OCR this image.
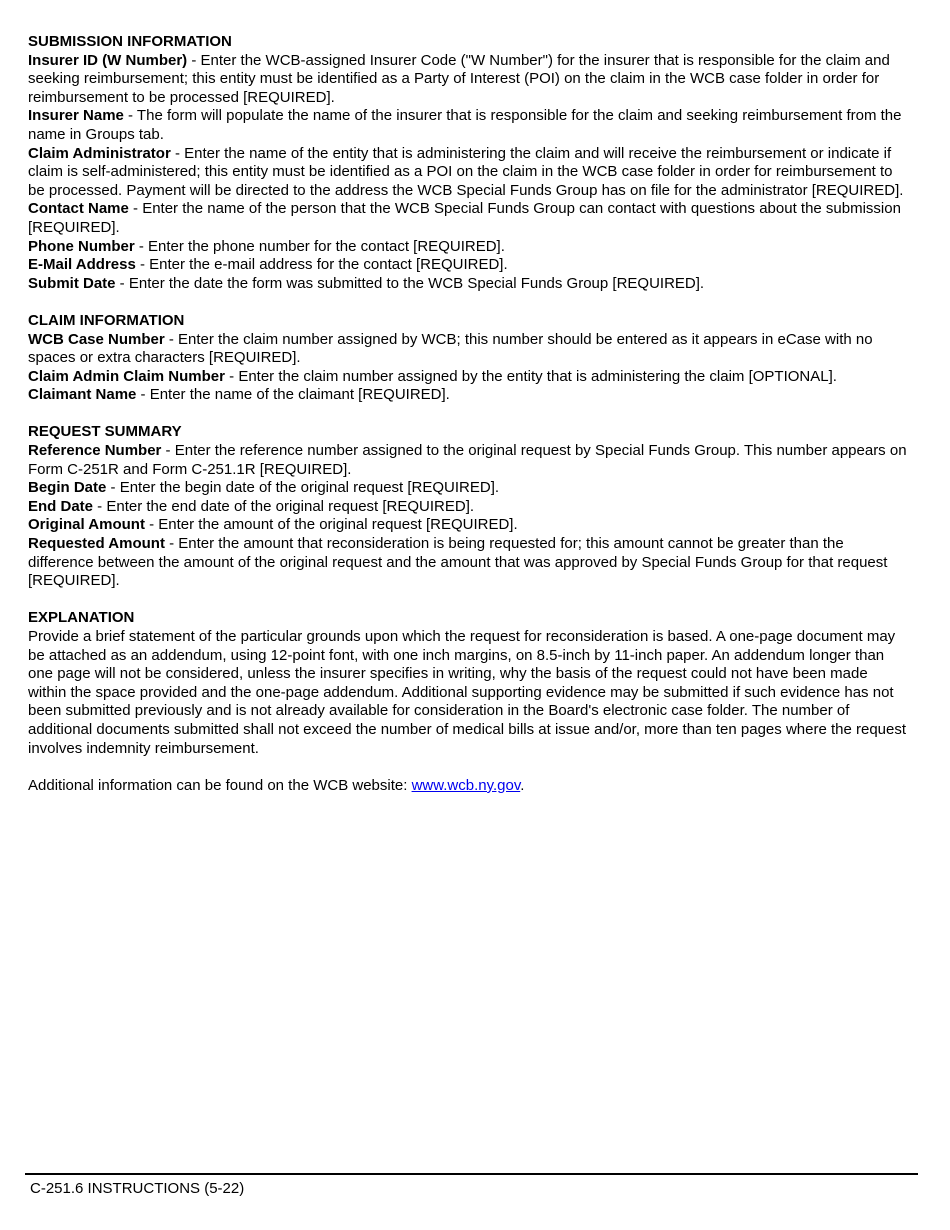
SUBMISSION INFORMATION

Insurer ID (W Number) - Enter the WCB-assigned Insurer Code ("W Number") for the insurer that is responsible for the claim and seeking reimbursement; this entity must be identified as a Party of Interest (POI) on the claim in the WCB case folder in order for reimbursement to be processed [REQUIRED].

Insurer Name - The form will populate the name of the insurer that is responsible for the claim and seeking reimbursement from the name in Groups tab.

Claim Administrator - Enter the name of the entity that is administering the claim and will receive the reimbursement or indicate if claim is self-administered; this entity must be identified as a POI on the claim in the WCB case folder in order for reimbursement to be processed. Payment will be directed to the address the WCB Special Funds Group has on file for the administrator [REQUIRED].

Contact Name - Enter the name of the person that the WCB Special Funds Group can contact with questions about the submission [REQUIRED].

Phone Number - Enter the phone number for the contact [REQUIRED].

E-Mail Address - Enter the e-mail address for the contact [REQUIRED].

Submit Date - Enter the date the form was submitted to the WCB Special Funds Group [REQUIRED].

CLAIM INFORMATION

WCB Case Number - Enter the claim number assigned by WCB; this number should be entered as it appears in eCase with no spaces or extra characters [REQUIRED].

Claim Admin Claim Number - Enter the claim number assigned by the entity that is administering the claim [OPTIONAL].

Claimant Name - Enter the name of the claimant [REQUIRED].

REQUEST SUMMARY

Reference Number - Enter the reference number assigned to the original request by Special Funds Group. This number appears on Form C-251R and Form C-251.1R [REQUIRED].

Begin Date - Enter the begin date of the original request [REQUIRED].

End Date - Enter the end date of the original request [REQUIRED].

Original Amount - Enter the amount of the original request [REQUIRED].

Requested Amount - Enter the amount that reconsideration is being requested for; this amount cannot be greater than the difference between the amount of the original request and the amount that was approved by Special Funds Group for that request [REQUIRED].

EXPLANATION

Provide a brief statement of the particular grounds upon which the request for reconsideration is based. A one-page document may be attached as an addendum, using 12-point font, with one inch margins, on 8.5-inch by 11-inch paper. An addendum longer than one page will not be considered, unless the insurer specifies in writing, why the basis of the request could not have been made within the space provided and the one-page addendum. Additional supporting evidence may be submitted if such evidence has not been submitted previously and is not already available for consideration in the Board's electronic case folder. The number of additional documents submitted shall not exceed the number of medical bills at issue and/or, more than ten pages where the request involves indemnity reimbursement.

Additional information can be found on the WCB website: www.wcb.ny.gov.

C-251.6 INSTRUCTIONS (5-22)
